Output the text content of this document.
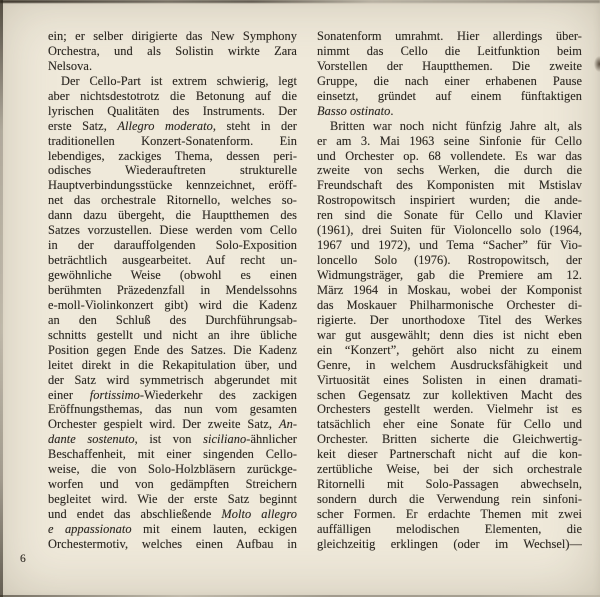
ein; er selber dirigierte das New Symphony
Orchestra, und als Solistin wirkte Zara
Nelsova.
Der Cello-Part ist extrem schwierig, legt
aber nichtsdestotrotz die Betonung auf die
lyrischen Qualitäten des Instruments. Der
erste Satz, Allegro moderato, steht in der
traditionellen Konzert-Sonatenform. Ein
lebendiges, zackiges Thema, dessen peri-
odisches Wiederauftreten strukturelle
Hauptverbindungsstücke kennzeichnet, eröff-
net das orchestrale Ritornello, welches so-
dann dazu übergeht, die Hauptthemen des
Satzes vorzustellen. Diese werden vom Cello
in der darauffolgenden Solo-Exposition
beträchtlich ausgearbeitet. Auf recht un-
gewöhnliche Weise (obwohl es einen
berühmten Präzedenzfall in Mendelssohns
e-moll-Violinkonzert gibt) wird die Kadenz
an den Schluß des Durchführungsab-
schnitts gestellt und nicht an ihre übliche
Position gegen Ende des Satzes. Die Kadenz
leitet direkt in die Rekapitulation über, und
der Satz wird symmetrisch abgerundet mit
einer fortissimo-Wiederkehr des zackigen
Eröffnungsthemas, das nun vom gesamten
Orchester gespielt wird. Der zweite Satz, An-
dante sostenuto, ist von siciliano-ähnlicher
Beschaffenheit, mit einer singenden Cello-
weise, die von Solo-Holzbläsern zurückge-
worfen und von gedämpften Streichern
begleitet wird. Wie der erste Satz beginnt
und endet das abschließende Molto allegro
e appassionato mit einem lauten, eckigen
Orchestermotiv, welches einen Aufbau in
Sonatenform umrahmt. Hier allerdings über-
nimmt das Cello die Leitfunktion beim
Vorstellen der Hauptthemen. Die zweite
Gruppe, die nach einer erhabenen Pause
einsetzt, gründet auf einem fünftaktigen
Basso ostinato.
Britten war noch nicht fünfzig Jahre alt, als
er am 3. Mai 1963 seine Sinfonie für Cello
und Orchester op. 68 vollendete. Es war das
zweite von sechs Werken, die durch die
Freundschaft des Komponisten mit Mstislav
Rostropowitsch inspiriert wurden; die ande-
ren sind die Sonate für Cello und Klavier
(1961), drei Suiten für Violoncello solo (1964,
1967 und 1972), und Tema “Sacher” für Vio-
loncello Solo (1976). Rostropowitsch, der
Widmungsträger, gab die Premiere am 12.
März 1964 in Moskau, wobei der Komponist
das Moskauer Philharmonische Orchester di-
rigierte. Der unorthodoxe Titel des Werkes
war gut ausgewählt; denn dies ist nicht eben
ein “Konzert”, gehört also nicht zu einem
Genre, in welchem Ausdrucksfähigkeit und
Virtuosität eines Solisten in einen dramati-
schen Gegensatz zur kollektiven Macht des
Orchesters gestellt werden. Vielmehr ist es
tatsächlich eher eine Sonate für Cello und
Orchester. Britten sicherte die Gleichwertig-
keit dieser Partnerschaft nicht auf die kon-
zertübliche Weise, bei der sich orchestrale
Ritornelli mit Solo-Passagen abwechseln,
sondern durch die Verwendung rein sinfoni-
scher Formen. Er erdachte Themen mit zwei
auffälligen melodischen Elementen, die
gleichzeitig erklingen (oder im Wechsel)—
6
